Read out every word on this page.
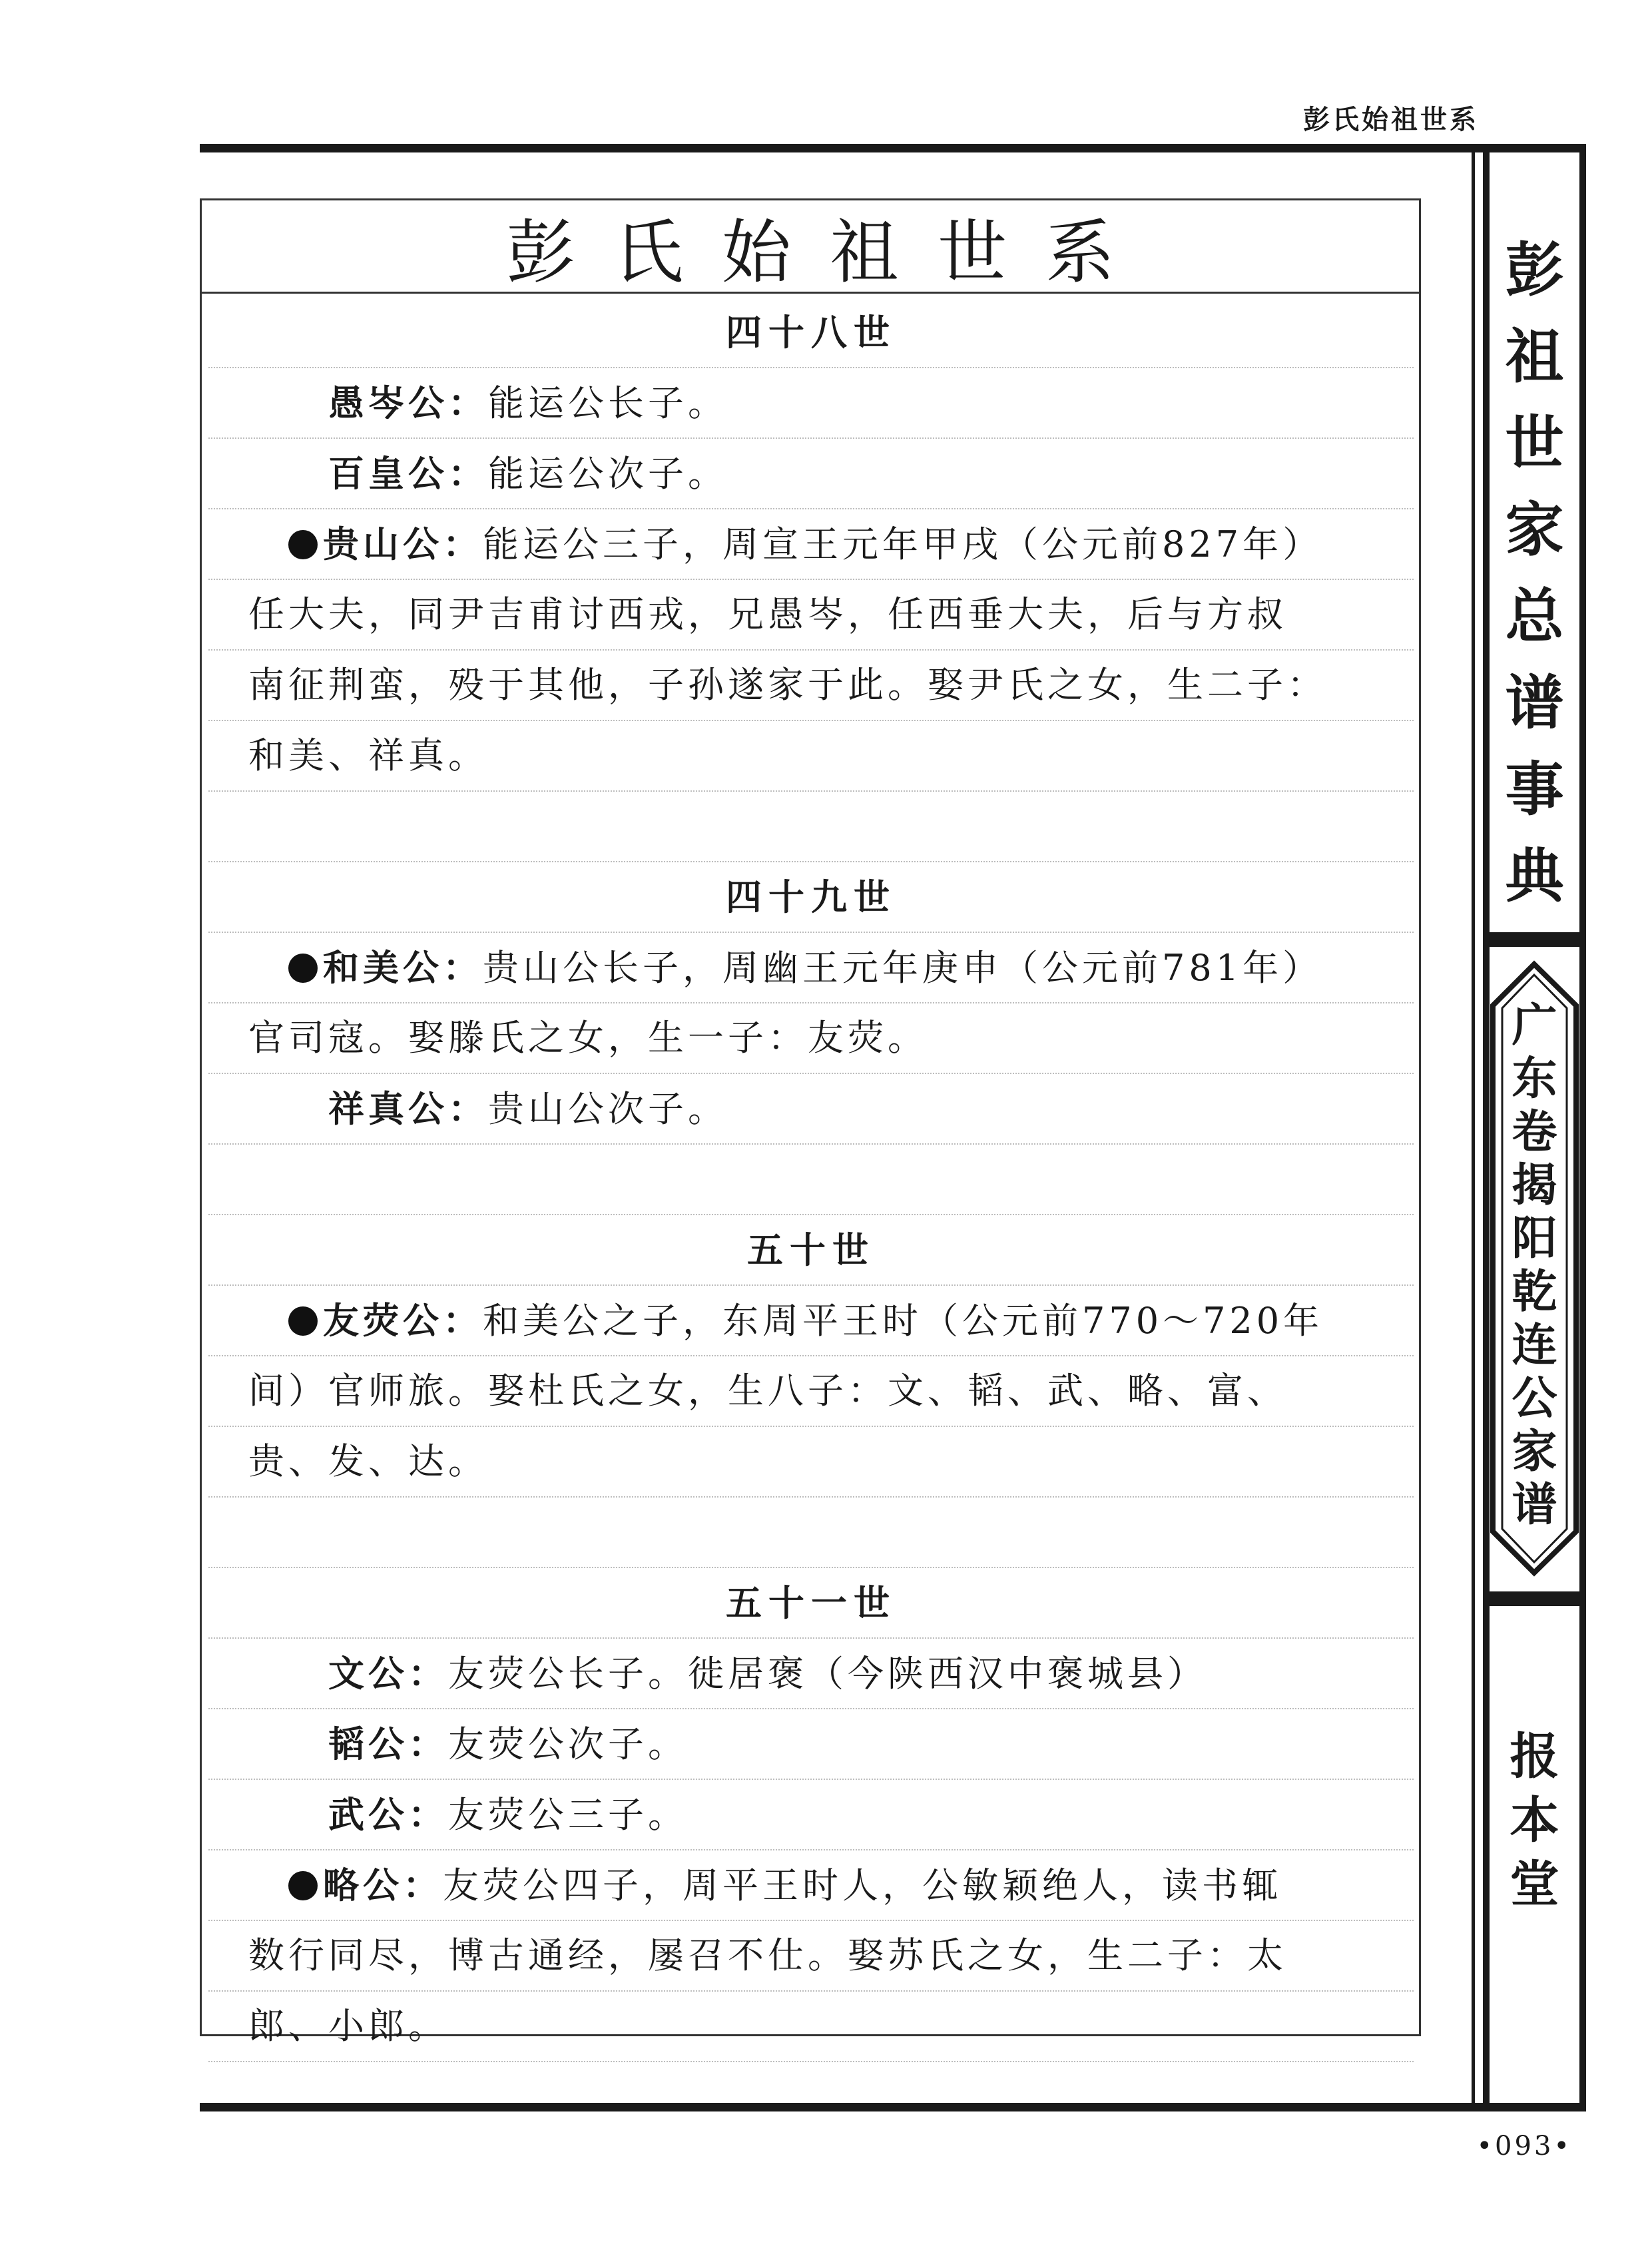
彭氏始祖世系
彭
祖
世
家
总
谱
事
典
广
东
卷
揭
阳
乾
连
公
家
谱
报
本
堂
彭氏始祖世系
四十八世
愚岑公：能运公长子。
百皇公：能运公次子。
贵山公：能运公三子，周宣王元年甲戌（公元前827年）
任大夫，同尹吉甫讨西戎，兄愚岑，任西垂大夫，后与方叔
南征荆蛮，殁于其他，子孙遂家于此。娶尹氏之女，生二子：
和美、祥真。
四十九世
和美公：贵山公长子，周幽王元年庚申（公元前781年）
官司寇。娶滕氏之女，生一子：友荧。
祥真公：贵山公次子。
五十世
友荧公：和美公之子，东周平王时（公元前770～720年
间）官师旅。娶杜氏之女，生八子：文、韬、武、略、富、
贵、发、达。
五十一世
文公：友荧公长子。徙居褒（今陕西汉中褒城县）
韬公：友荧公次子。
武公：友荧公三子。
略公：友荧公四子，周平王时人，公敏颖绝人，读书辄
数行同尽，博古通经，屡召不仕。娶苏氏之女，生二子：太
郎、小郎。
•093•
